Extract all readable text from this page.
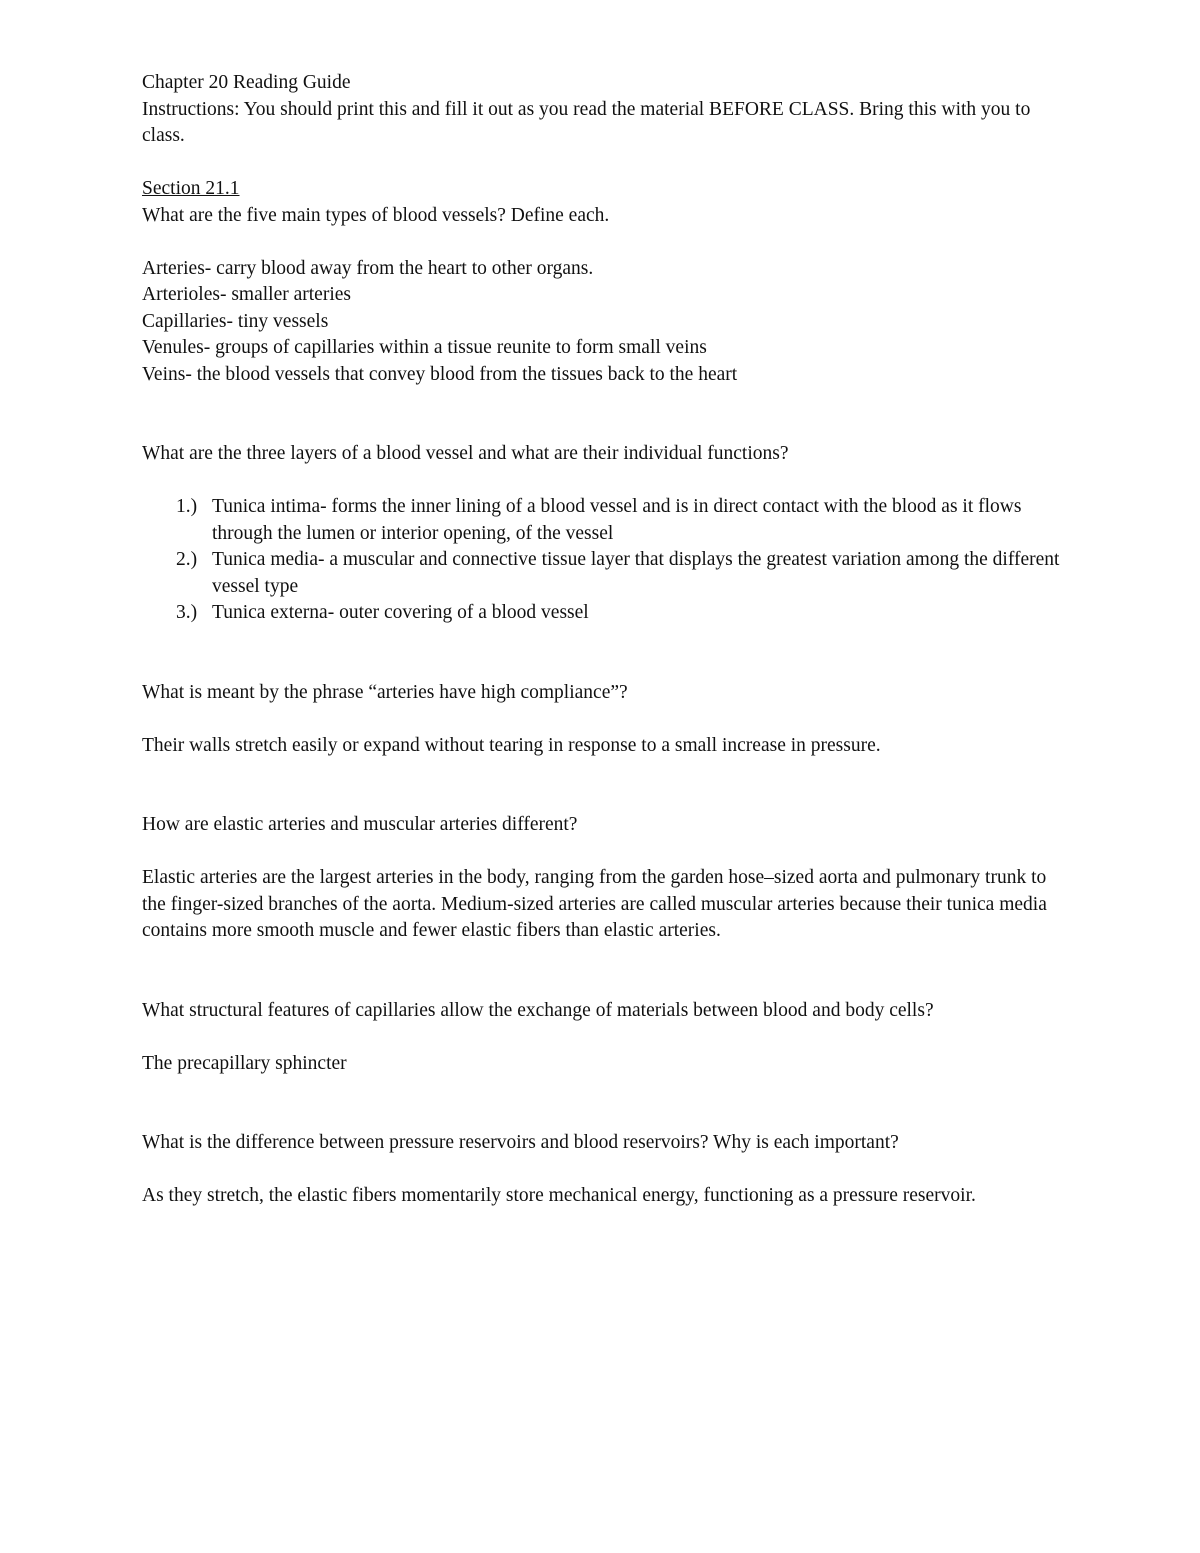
Chapter 20 Reading Guide

Instructions: You should print this and fill it out as you read the material BEFORE CLASS. Bring this with you to class.

Section 21.1

What are the five main types of blood vessels? Define each.

Arteries- carry blood away from the heart to other organs.

Arterioles- smaller arteries

Capillaries- tiny vessels

Venules- groups of capillaries within a tissue reunite to form small veins

Veins- the blood vessels that convey blood from the tissues back to the heart

What are the three layers of a blood vessel and what are their individual functions?

1.) Tunica intima- forms the inner lining of a blood vessel and is in direct contact with the blood as it flows through the lumen or interior opening, of the vessel
2.) Tunica media- a muscular and connective tissue layer that displays the greatest variation among the different vessel type
3.) Tunica externa- outer covering of a blood vessel

What is meant by the phrase “arteries have high compliance”?

Their walls stretch easily or expand without tearing in response to a small increase in pressure.

How are elastic arteries and muscular arteries different?

Elastic arteries are the largest arteries in the body, ranging from the garden hose–sized aorta and pulmonary trunk to the finger-sized branches of the aorta. Medium-sized arteries are called muscular arteries because their tunica media contains more smooth muscle and fewer elastic fibers than elastic arteries.

What structural features of capillaries allow the exchange of materials between blood and body cells?

The precapillary sphincter

What is the difference between pressure reservoirs and blood reservoirs? Why is each important?

As they stretch, the elastic fibers momentarily store mechanical energy, functioning as a pressure reservoir.
